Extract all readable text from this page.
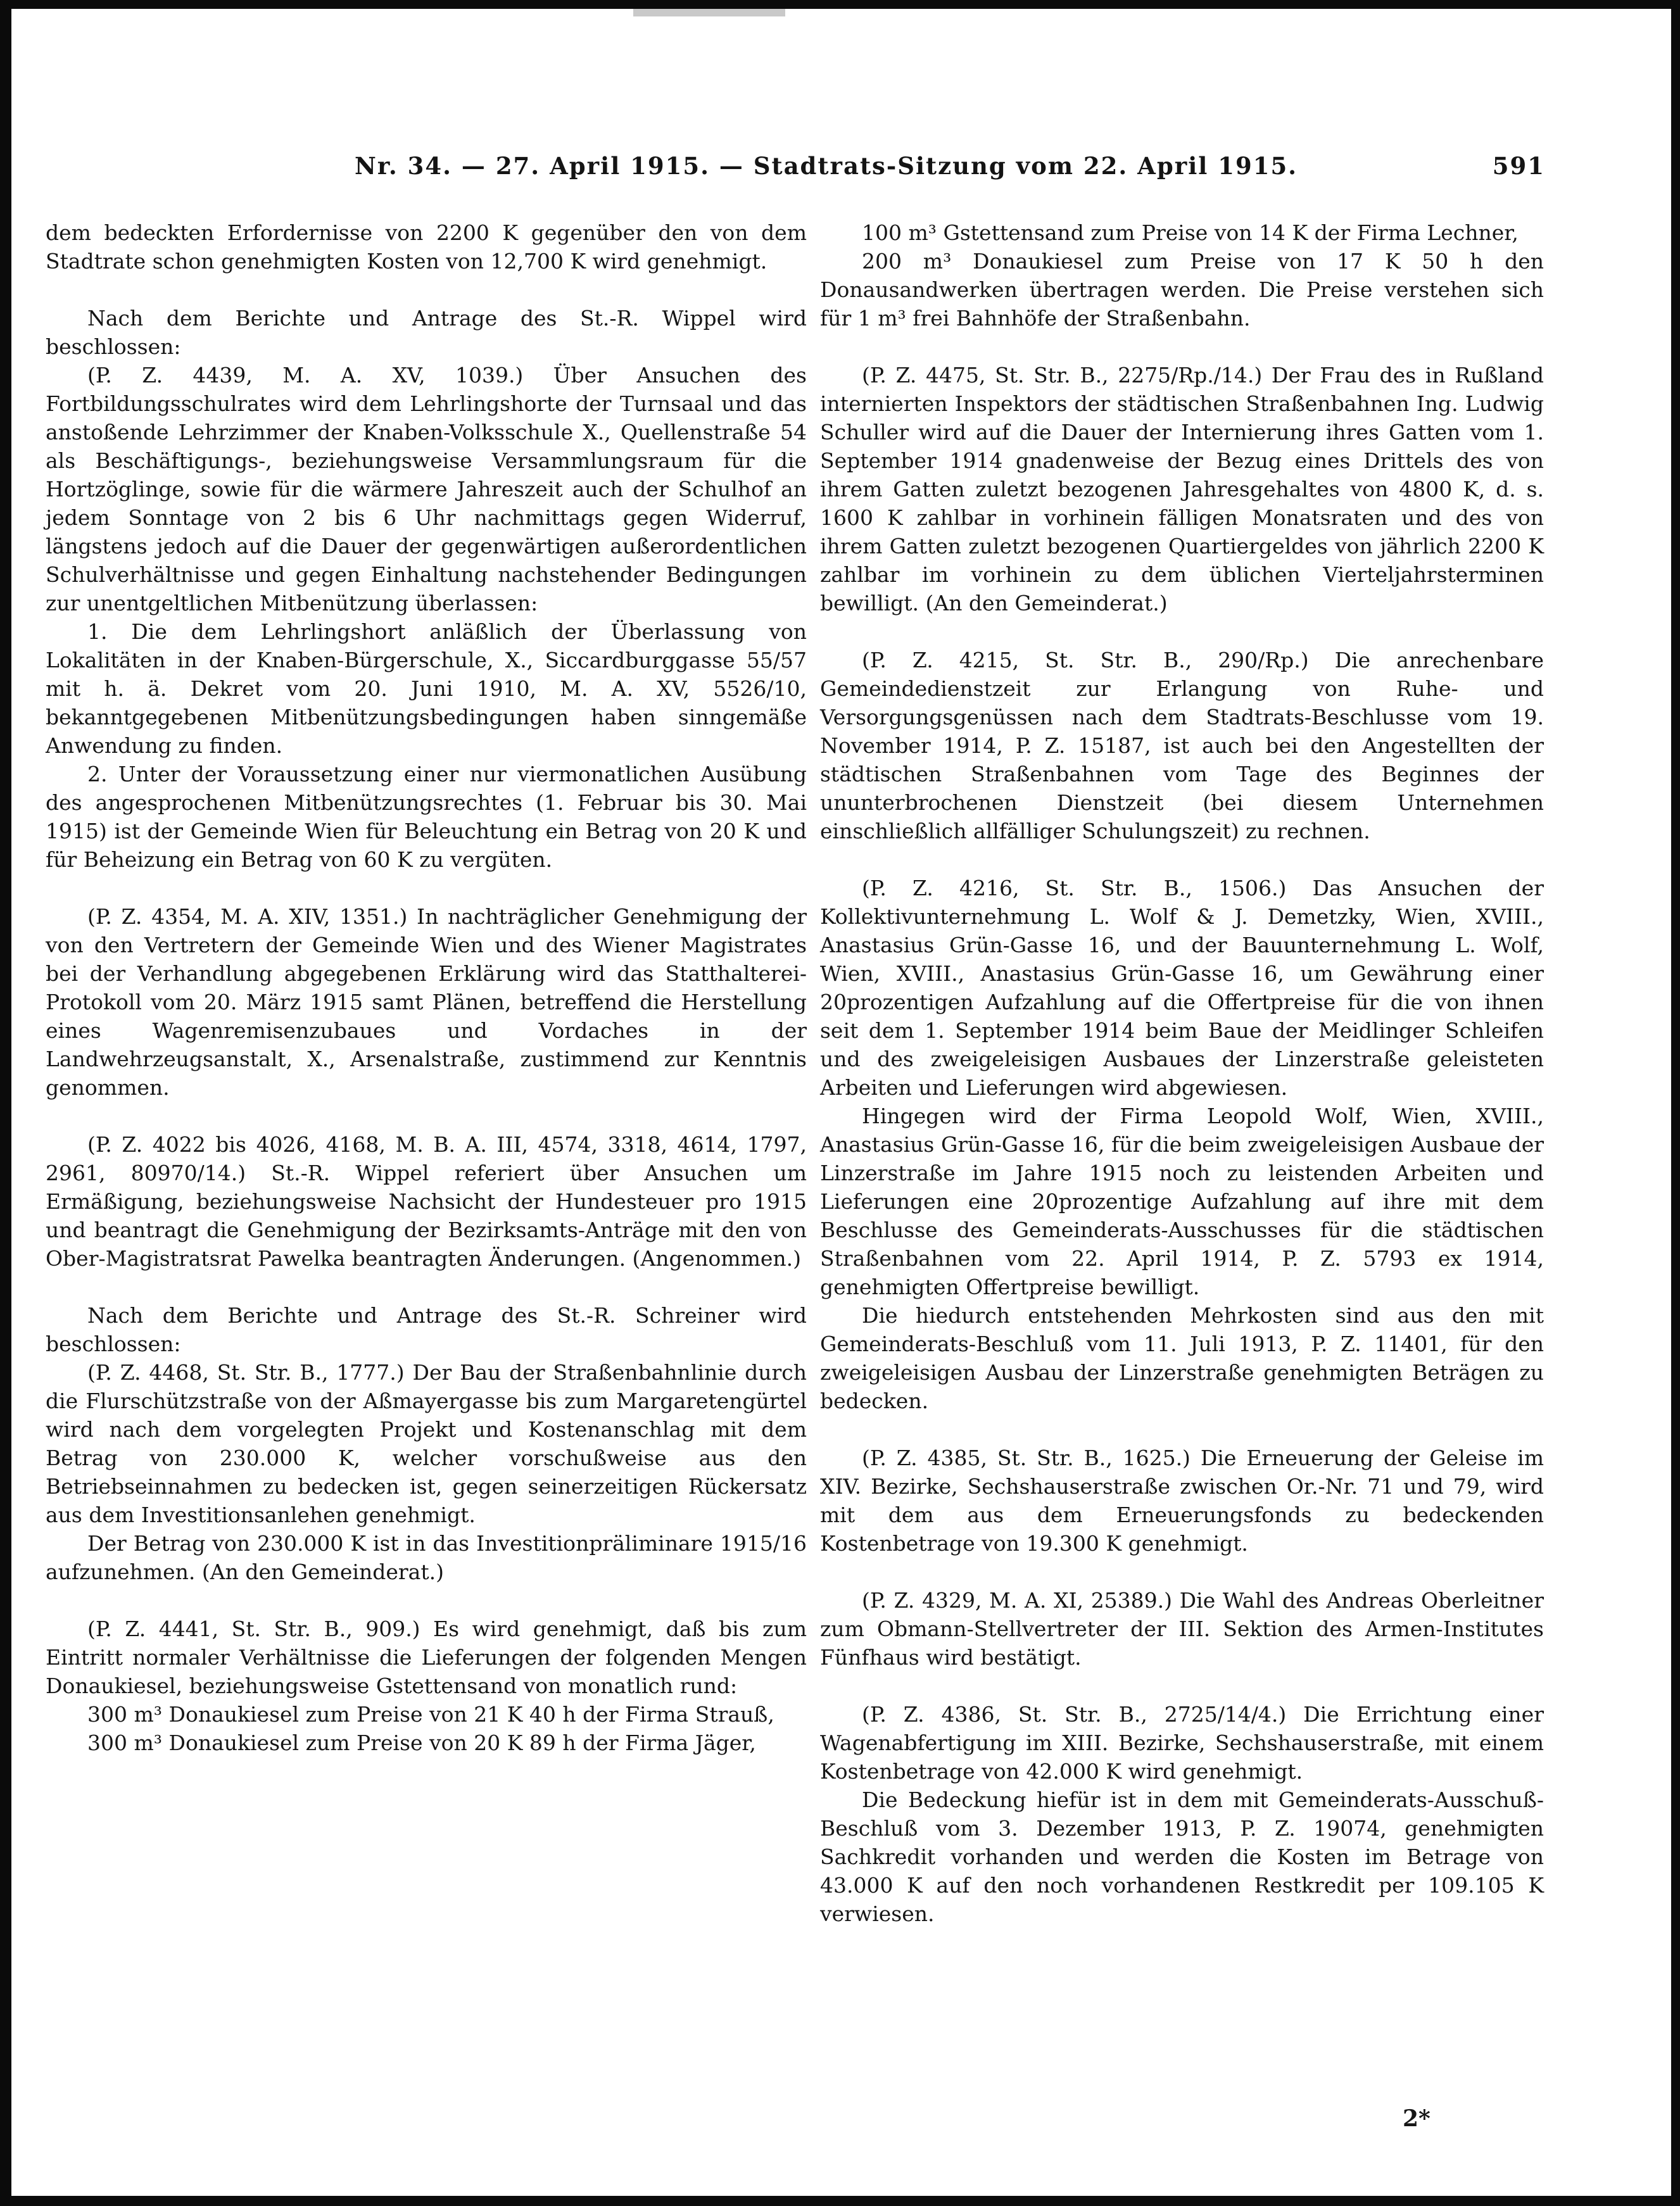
Nr. 34. — 27. April 1915. — Stadtrats-Sitzung vom 22. April 1915.	591

dem bedeckten Erfordernisse von 2200 K gegenüber den von dem Stadtrate schon genehmigten Kosten von 12,700 K wird genehmigt.

Nach dem Berichte und Antrage des St.-R. Wippel wird beschlossen:

(P. Z. 4439, M. A. XV, 1039.) Über Ansuchen des Fortbildungsschulrates wird dem Lehrlingshorte der Turnsaal und das anstoßende Lehrzimmer der Knaben-Volksschule X., Quellenstraße 54 als Beschäftigungs-, beziehungsweise Versammlungsraum für die Hortzöglinge, sowie für die wärmere Jahreszeit auch der Schulhof an jedem Sonntage von 2 bis 6 Uhr nachmittags gegen Widerruf, längstens jedoch auf die Dauer der gegenwärtigen außerordentlichen Schulverhältnisse und gegen Einhaltung nachstehender Bedingungen zur unentgeltlichen Mitbenützung überlassen:

1. Die dem Lehrlingshort anläßlich der Überlassung von Lokalitäten in der Knaben-Bürgerschule, X., Siccardburggasse 55/57 mit h. ä. Dekret vom 20. Juni 1910, M. A. XV, 5526/10, bekanntgegebenen Mitbenützungsbedingungen haben sinngemäße Anwendung zu finden.

2. Unter der Voraussetzung einer nur viermonatlichen Ausübung des angesprochenen Mitbenützungsrechtes (1. Februar bis 30. Mai 1915) ist der Gemeinde Wien für Beleuchtung ein Betrag von 20 K und für Beheizung ein Betrag von 60 K zu vergüten.

(P. Z. 4354, M. A. XIV, 1351.) In nachträglicher Genehmigung der von den Vertretern der Gemeinde Wien und des Wiener Magistrates bei der Verhandlung abgegebenen Erklärung wird das Statthalterei-Protokoll vom 20. März 1915 samt Plänen, betreffend die Herstellung eines Wagenremisenzubaues und Vordaches in der Landwehrzeugsanstalt, X., Arsenalstraße, zustimmend zur Kenntnis genommen.

(P. Z. 4022 bis 4026, 4168, M. B. A. III, 4574, 3318, 4614, 1797, 2961, 80970/14.) St.-R. Wippel referiert über Ansuchen um Ermäßigung, beziehungsweise Nachsicht der Hundesteuer pro 1915 und beantragt die Genehmigung der Bezirksamts-Anträge mit den von Ober-Magistratsrat Pawelka beantragten Änderungen. (Angenommen.)

Nach dem Berichte und Antrage des St.-R. Schreiner wird beschlossen:

(P. Z. 4468, St. Str. B., 1777.) Der Bau der Straßenbahnlinie durch die Flurschützstraße von der Aßmayergasse bis zum Margaretengürtel wird nach dem vorgelegten Projekt und Kostenanschlag mit dem Betrag von 230.000 K, welcher vorschußweise aus den Betriebseinnahmen zu bedecken ist, gegen seinerzeitigen Rückersatz aus dem Investitionsanlehen genehmigt.

Der Betrag von 230.000 K ist in das Investitionpräliminare 1915/16 aufzunehmen. (An den Gemeinderat.)

(P. Z. 4441, St. Str. B., 909.) Es wird genehmigt, daß bis zum Eintritt normaler Verhältnisse die Lieferungen der folgenden Mengen Donaukiesel, beziehungsweise Gstettensand von monatlich rund:

300 m³ Donaukiesel zum Preise von 21 K 40 h der Firma Strauß,

300 m³ Donaukiesel zum Preise von 20 K 89 h der Firma Jäger,

100 m³ Gstettensand zum Preise von 14 K der Firma Lechner,

200 m³ Donaukiesel zum Preise von 17 K 50 h den Donausandwerken übertragen werden. Die Preise verstehen sich für 1 m³ frei Bahnhöfe der Straßenbahn.

(P. Z. 4475, St. Str. B., 2275/Rp./14.) Der Frau des in Rußland internierten Inspektors der städtischen Straßenbahnen Ing. Ludwig Schuller wird auf die Dauer der Internierung ihres Gatten vom 1. September 1914 gnadenweise der Bezug eines Drittels des von ihrem Gatten zuletzt bezogenen Jahresgehaltes von 4800 K, d. s. 1600 K zahlbar in vorhinein fälligen Monatsraten und des von ihrem Gatten zuletzt bezogenen Quartiergeldes von jährlich 2200 K zahlbar im vorhinein zu dem üblichen Vierteljahrsterminen bewilligt. (An den Gemeinderat.)

(P. Z. 4215, St. Str. B., 290/Rp.) Die anrechenbare Gemeindedienstzeit zur Erlangung von Ruhe- und Versorgungsgenüssen nach dem Stadtrats-Beschlusse vom 19. November 1914, P. Z. 15187, ist auch bei den Angestellten der städtischen Straßenbahnen vom Tage des Beginnes der ununterbrochenen Dienstzeit (bei diesem Unternehmen einschließlich allfälliger Schulungszeit) zu rechnen.

(P. Z. 4216, St. Str. B., 1506.) Das Ansuchen der Kollektivunternehmung L. Wolf & J. Demetzky, Wien, XVIII., Anastasius Grün-Gasse 16, und der Bauunternehmung L. Wolf, Wien, XVIII., Anastasius Grün-Gasse 16, um Gewährung einer 20prozentigen Aufzahlung auf die Offertpreise für die von ihnen seit dem 1. September 1914 beim Baue der Meidlinger Schleifen und des zweigeleisigen Ausbaues der Linzerstraße geleisteten Arbeiten und Lieferungen wird abgewiesen.

Hingegen wird der Firma Leopold Wolf, Wien, XVIII., Anastasius Grün-Gasse 16, für die beim zweigeleisigen Ausbaue der Linzerstraße im Jahre 1915 noch zu leistenden Arbeiten und Lieferungen eine 20prozentige Aufzahlung auf ihre mit dem Beschlusse des Gemeinderats-Ausschusses für die städtischen Straßenbahnen vom 22. April 1914, P. Z. 5793 ex 1914, genehmigten Offertpreise bewilligt.

Die hiedurch entstehenden Mehrkosten sind aus den mit Gemeinderats-Beschluß vom 11. Juli 1913, P. Z. 11401, für den zweigeleisigen Ausbau der Linzerstraße genehmigten Beträgen zu bedecken.

(P. Z. 4385, St. Str. B., 1625.) Die Erneuerung der Geleise im XIV. Bezirke, Sechshauserstraße zwischen Or.-Nr. 71 und 79, wird mit dem aus dem Erneuerungsfonds zu bedeckenden Kostenbetrage von 19.300 K genehmigt.

(P. Z. 4329, M. A. XI, 25389.) Die Wahl des Andreas Oberleitner zum Obmann-Stellvertreter der III. Sektion des Armen-Institutes Fünfhaus wird bestätigt.

(P. Z. 4386, St. Str. B., 2725/14/4.) Die Errichtung einer Wagenabfertigung im XIII. Bezirke, Sechshauserstraße, mit einem Kostenbetrage von 42.000 K wird genehmigt.

Die Bedeckung hiefür ist in dem mit Gemeinderats-Ausschuß-Beschluß vom 3. Dezember 1913, P. Z. 19074, genehmigten Sachkredit vorhanden und werden die Kosten im Betrage von 43.000 K auf den noch vorhandenen Restkredit per 109.105 K verwiesen.

2*
